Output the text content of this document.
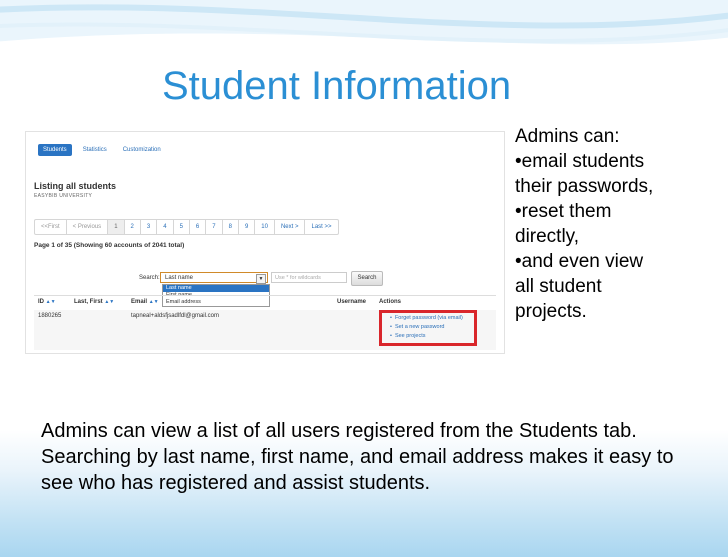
Student Information
Students	Statistics	Customization
Listing all students
EASYBIB UNIVERSITY
<<First	< Previous	1	2	3	4	5	6	7	8	9	10	Next >	Last >>
Page 1 of 35 (Showing 60 accounts of 2041 total)
Search: Last name	▼
Last name
First name
Email address
Use * for wildcards
Search
ID ▲▼	Last, First ▲▼	Email ▲▼	Username Actions
1880265	tapneal+aldsfjsadlfdl@gmail.com
•	Forget password (via email)
• Set a new password
• See projects
Admins can:
•email students
their passwords,
•reset them
directly,
•and even view
all student
projects.
Admins can view a list of all users registered from the Students tab. Searching by last name, first name, and email address makes it easy to see who has registered and assist students.
